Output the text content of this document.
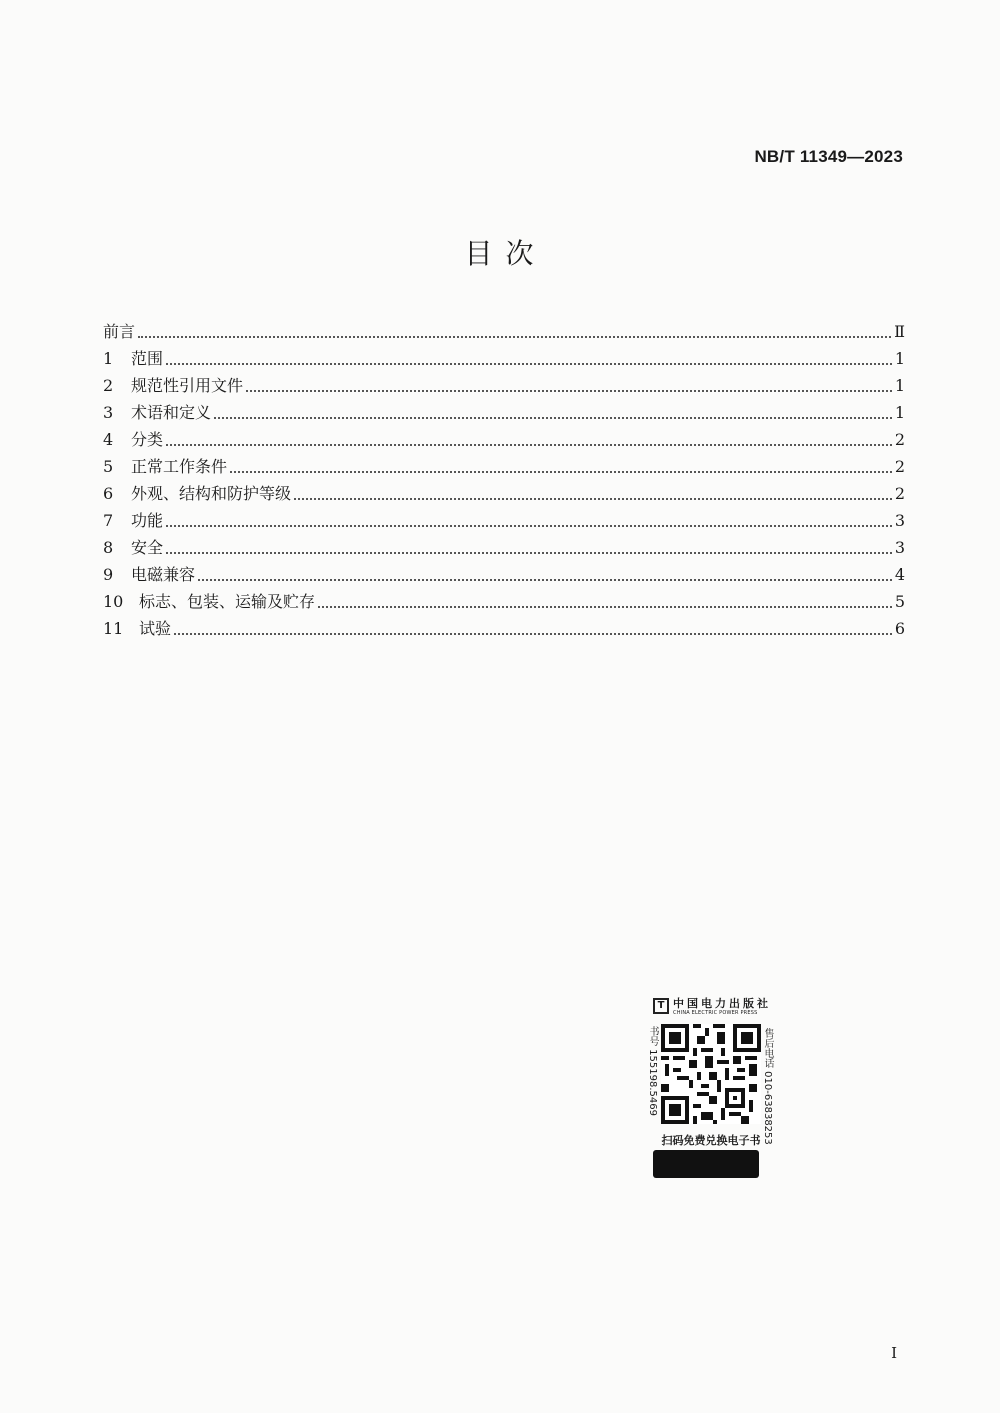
NB/T 11349—2023
目 次
前言	Ⅱ
1	范围	1
2	规范性引用文件	1
3	术语和定义	1
4	分类	2
5	正常工作条件	2
6	外观、结构和防护等级	2
7	功能	3
8	安全	3
9	电磁兼容	4
10 标志、包装、运输及贮存	5
11 试验	6
T 中国电力出版社
CHINA ELECTRIC POWER PRESS
书号 155198.5469	售后电话 010-63838253
扫码免费兑换电子书
I
